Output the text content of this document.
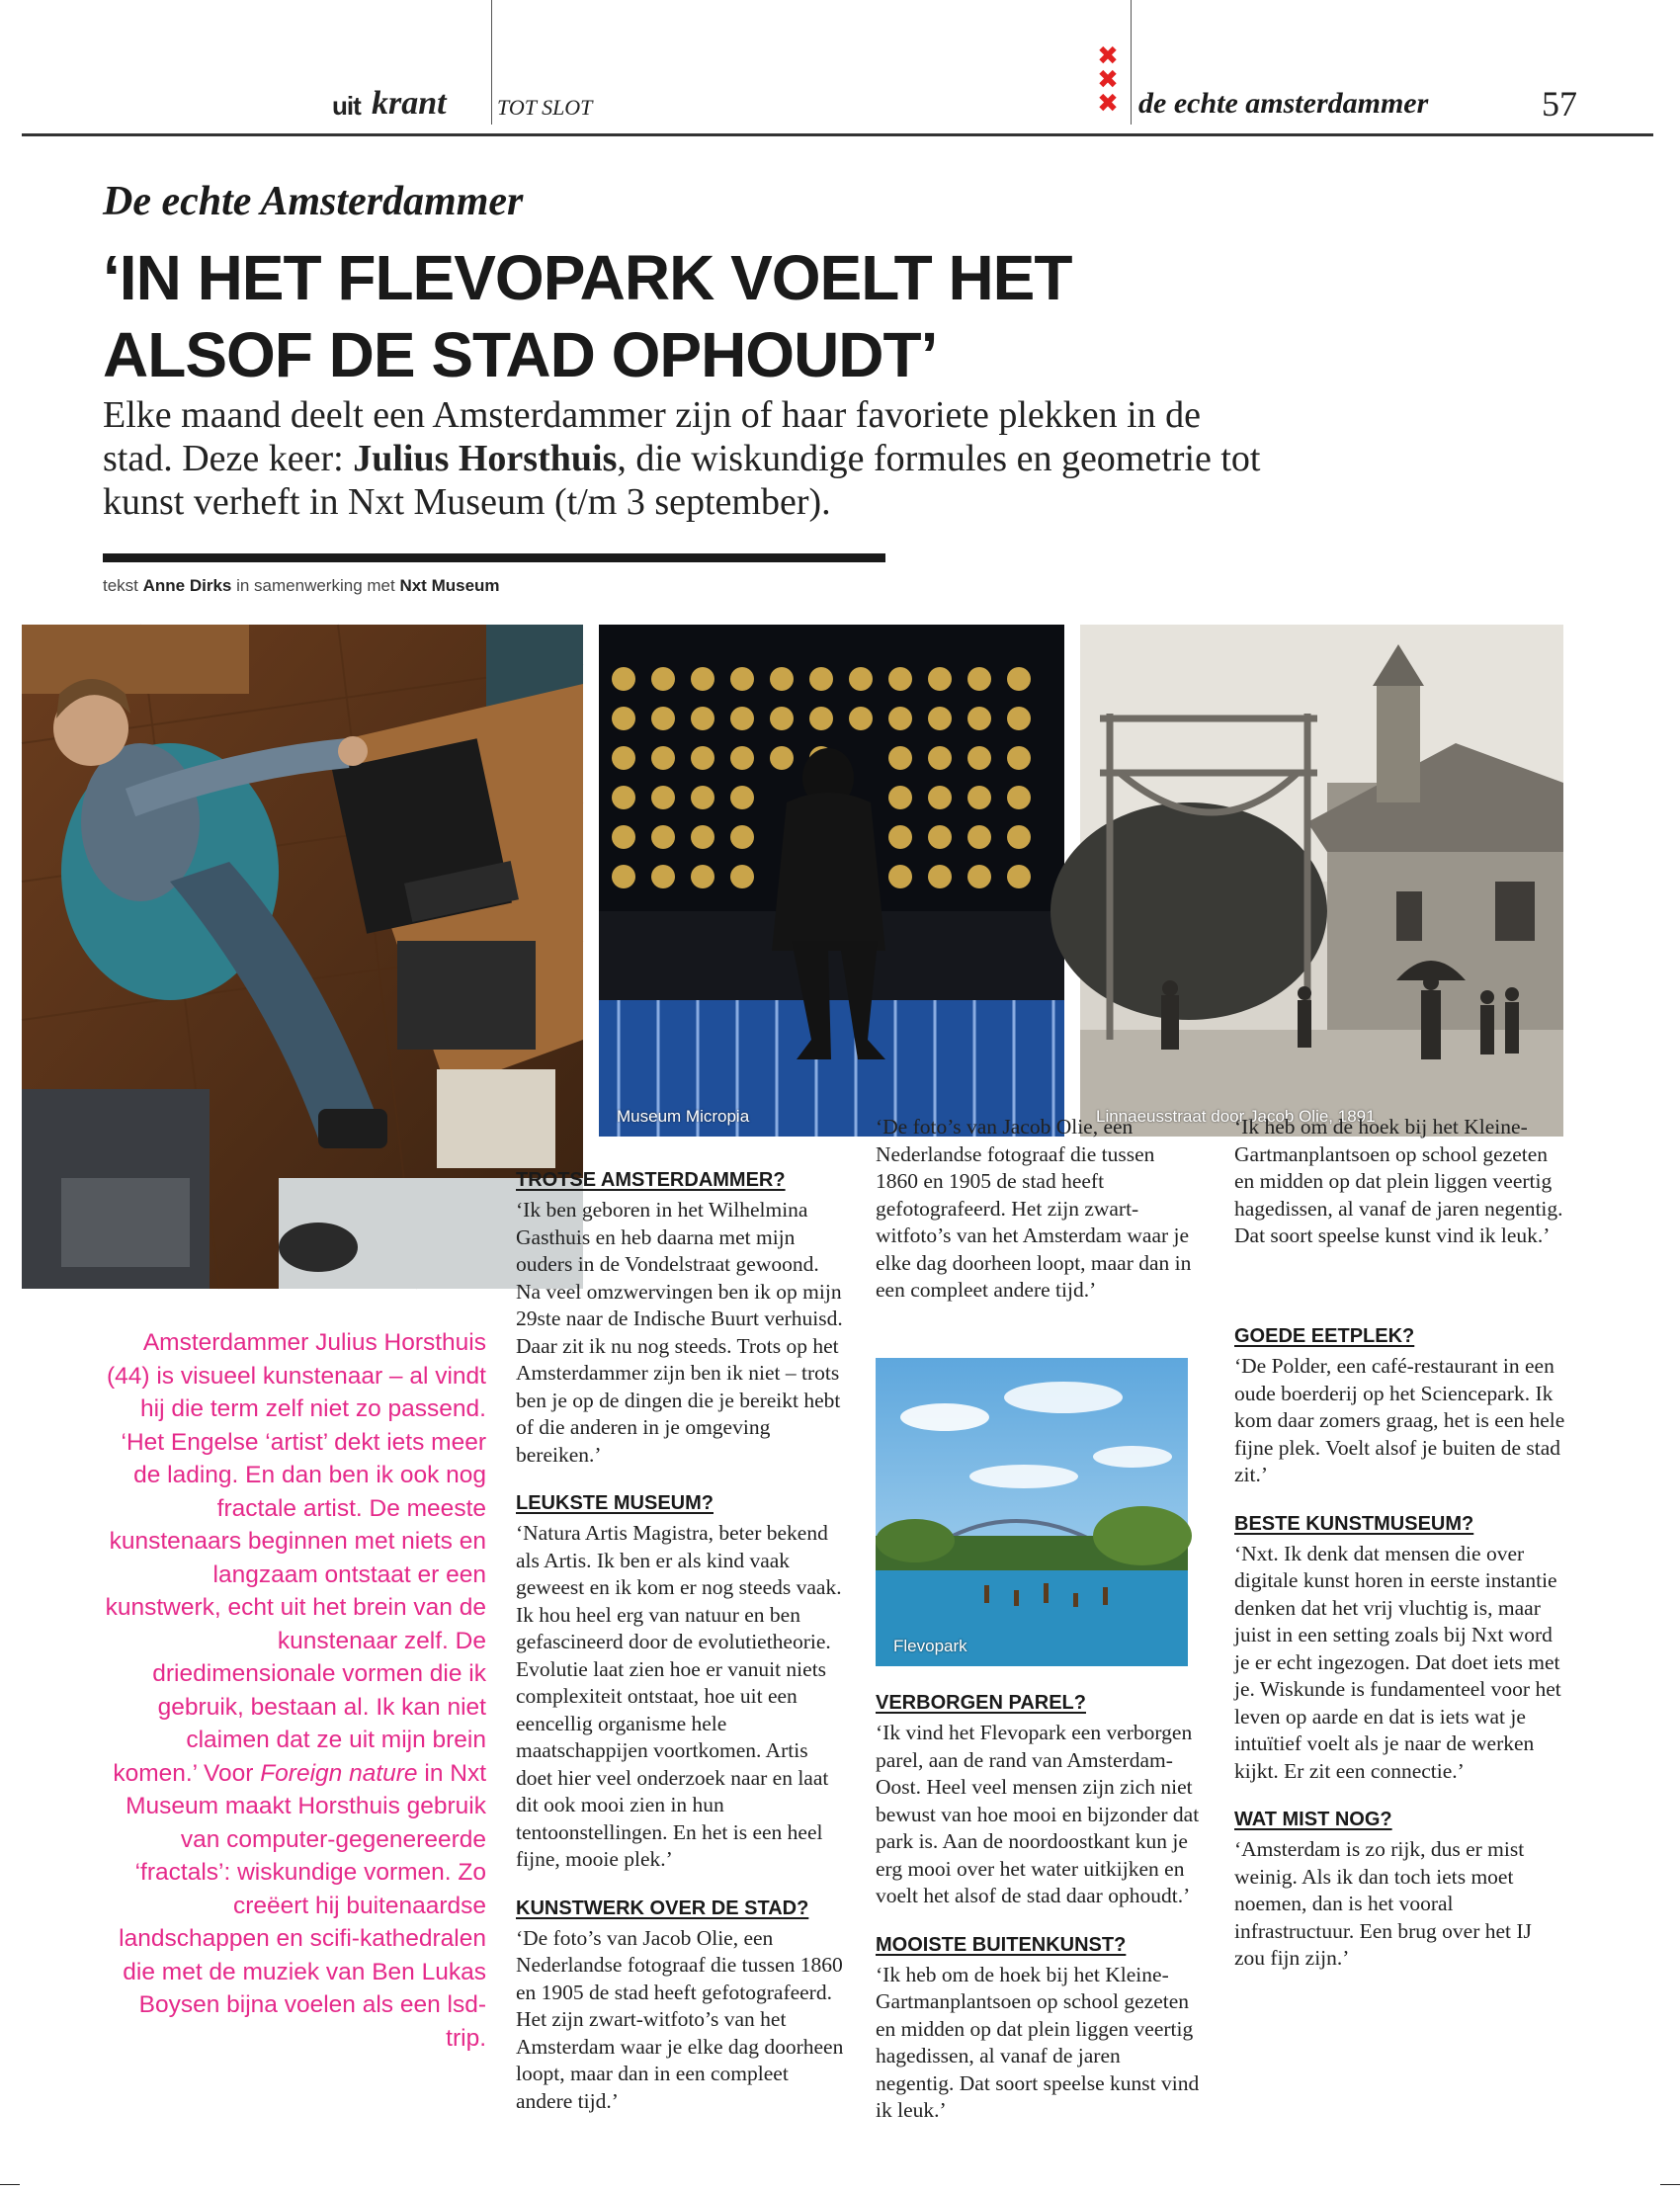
uit krant TOT SLOT
✖
✖
✖ de echte amsterdammer	57
De echte Amsterdammer
‘IN HET FLEVOPARK VOELT HET ALSOF DE STAD OPHOUDT’
Elke maand deelt een Amsterdammer zijn of haar favoriete plekken in de stad. Deze keer: Julius Horsthuis, die wiskundige formules en geometrie tot kunst verheft in Nxt Museum (t/m 3 september).
tekst Anne Dirks in samenwerking met Nxt Museum
Museum Micropia	Linnaeusstraat door Jacob Olie, 1891
Amsterdammer Julius Horsthuis (44) is visueel kunstenaar – al vindt hij die term zelf niet zo passend. ‘Het Engelse ‘artist’ dekt iets meer de lading. En dan ben ik ook nog fractale artist. De meeste kunstenaars beginnen met niets en langzaam ontstaat er een kunstwerk, echt uit het brein van de kunstenaar zelf. De driedimensionale vormen die ik gebruik, bestaan al. Ik kan niet claimen dat ze uit mijn brein komen.’ Voor Foreign nature in Nxt Museum maakt Horsthuis gebruik van computer-gegenereerde ‘fractals’: wiskundige vormen. Zo creëert hij buitenaardse landschappen en scifi-kathedralen die met de muziek van Ben Lukas Boysen bijna voelen als een lsd-trip.
TROTSE AMSTERDAMMER?

‘Ik ben geboren in het Wilhelmina Gasthuis en heb daarna met mijn ouders in de Vondelstraat gewoond. Na veel omzwervingen ben ik op mijn 29ste naar de Indische Buurt verhuisd. Daar zit ik nu nog steeds. Trots op het Amsterdammer zijn ben ik niet – trots ben je op de dingen die je bereikt hebt of die anderen in je omgeving bereiken.’

LEUKSTE MUSEUM?

‘Natura Artis Magistra, beter bekend als Artis. Ik ben er als kind vaak geweest en ik kom er nog steeds vaak. Ik hou heel erg van natuur en ben gefascineerd door de evolutietheorie. Evolutie laat zien hoe er vanuit niets complexiteit ontstaat, hoe uit een eencellig organisme hele maatschappijen voortkomen. Artis doet hier veel onderzoek naar en laat dit ook mooi zien in hun tentoonstellingen. En het is een heel fijne, mooie plek.’

KUNSTWERK OVER DE STAD?

‘De foto’s van Jacob Olie, een Nederlandse fotograaf die tussen 1860 en 1905 de stad heeft gefotografeerd. Het zijn zwart-witfoto’s van het Amsterdam waar je elke dag doorheen loopt, maar dan in een compleet andere tijd.’

‘De foto’s van Jacob Olie, een Nederlandse fotograaf die tussen 1860 en 1905 de stad heeft gefotografeerd. Het zijn zwart-witfoto’s van het Amsterdam waar je elke dag doorheen loopt, maar dan in een compleet andere tijd.’

Flevopark
VERBORGEN PAREL?

‘Ik vind het Flevopark een verborgen parel, aan de rand van Amsterdam-Oost. Heel veel mensen zijn zich niet bewust van hoe mooi en bijzonder dat park is. Aan de noordoostkant kun je erg mooi over het water uitkijken en voelt het alsof de stad daar ophoudt.’

MOOISTE BUITENKUNST?

‘Ik heb om de hoek bij het Kleine-Gartmanplantsoen op school gezeten en midden op dat plein liggen veertig hagedissen, al vanaf de jaren negentig. Dat soort speelse kunst vind ik leuk.’

‘Ik heb om de hoek bij het Kleine-Gartmanplantsoen op school gezeten en midden op dat plein liggen veertig hagedissen, al vanaf de jaren negentig. Dat soort speelse kunst vind ik leuk.’

GOEDE EETPLEK?

‘De Polder, een café-restaurant in een oude boerderij op het Sciencepark. Ik kom daar zomers graag, het is een hele fijne plek. Voelt alsof je buiten de stad zit.’

BESTE KUNSTMUSEUM?

‘Nxt. Ik denk dat mensen die over digitale kunst horen in eerste instantie denken dat het vrij vluchtig is, maar juist in een setting zoals bij Nxt word je er echt ingezogen. Dat doet iets met je. Wiskunde is fundamenteel voor het leven op aarde en dat is iets wat je intuïtief voelt als je naar de werken kijkt. Er zit een connectie.’

WAT MIST NOG?

‘Amsterdam is zo rijk, dus er mist weinig. Als ik dan toch iets moet noemen, dan is het vooral infrastructuur. Een brug over het IJ zou fijn zijn.’
